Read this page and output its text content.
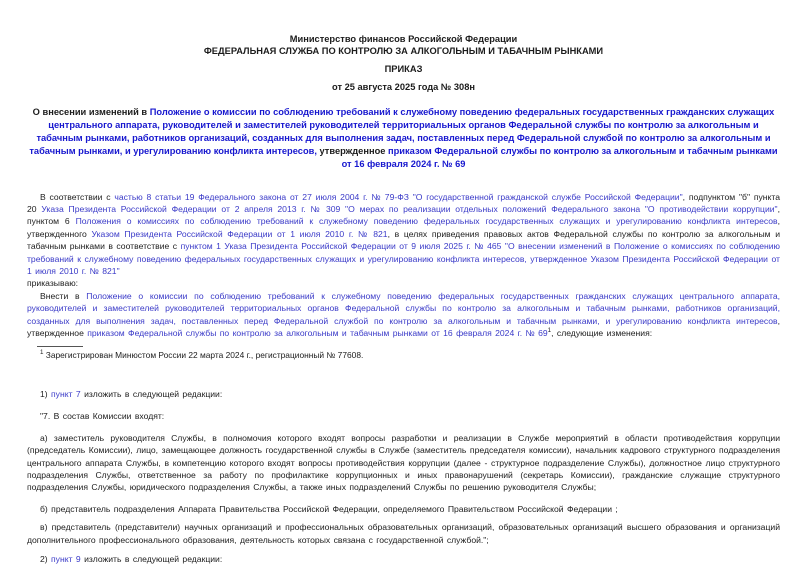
Министерство финансов Российской Федерации
ФЕДЕРАЛЬНАЯ СЛУЖБА ПО КОНТРОЛЮ ЗА АЛКОГОЛЬНЫМ И ТАБАЧНЫМ РЫНКАМИ
ПРИКАЗ
от 25 августа 2025 года № 308н

О внесении изменений в Положение о комиссии по соблюдению требований к служебному поведению федеральных государственных гражданских служащих центрального аппарата, руководителей и заместителей руководителей территориальных органов Федеральной службы по контролю за алкогольным и табачным рынками, работников организаций, созданных для выполнения задач, поставленных перед Федеральной службой по контролю за алкогольным и табачным рынками, и урегулированию конфликта интересов, утвержденное приказом Федеральной службы по контролю за алкогольным и табачным рынками от 16 февраля 2024 г. № 69

В соответствии с частью 8 статьи 19 Федерального закона от 27 июля 2004 г. № 79-ФЗ "О государственной гражданской службе Российской Федерации", подпунктом "б" пункта 20 Указа Президента Российской Федерации от 2 апреля 2013 г. № 309 "О мерах по реализации отдельных положений Федерального закона "О противодействии коррупции", пунктом 6 Положения о комиссиях по соблюдению требований к служебному поведению федеральных государственных служащих и урегулированию конфликта интересов, утвержденного Указом Президента Российской Федерации от 1 июля 2010 г. № 821, в целях приведения правовых актов Федеральной службы по контролю за алкогольным и табачным рынками в соответствие с пунктом 1 Указа Президента Российской Федерации от 9 июля 2025 г. № 465 "О внесении изменений в Положение о комиссиях по соблюдению требований к служебному поведению федеральных государственных служащих и урегулированию конфликта интересов, утвержденное Указом Президента Российской Федерации от 1 июля 2010 г. № 821"

приказываю:

Внести в Положение о комиссии по соблюдению требований к служебному поведению федеральных государственных гражданских служащих центрального аппарата, руководителей и заместителей руководителей территориальных органов Федеральной службы по контролю за алкогольным и табачным рынками, работников организаций, созданных для выполнения задач, поставленных перед Федеральной службой по контролю за алкогольным и табачным рынками, и урегулированию конфликта интересов, утвержденное приказом Федеральной службы по контролю за алкогольным и табачным рынками от 16 февраля 2024 г. № $69^1$, следующие изменения:

$^1$ Зарегистрирован Минюстом России 22 марта 2024 г., регистрационный № 77608.

1) пункт 7 изложить в следующей редакции:

"7. В состав Комиссии входят:

а) заместитель руководителя Службы, в полномочия которого входят вопросы разработки и реализации в Службе мероприятий в области противодействия коррупции (председатель Комиссии), лицо, замещающее должность государственной службы в Службе (заместитель председателя комиссии), начальник кадрового структурного подразделения центрального аппарата Службы, в компетенцию которого входят вопросы противодействия коррупции (далее - структурное подразделение Службы), должностное лицо структурного подразделения Службы, ответственное за работу по профилактике коррупционных и иных правонарушений (секретарь Комиссии), гражданские служащие структурного подразделения Службы, юридического подразделения Службы, а также иных подразделений Службы по решению руководителя Службы;

б) представитель подразделения Аппарата Правительства Российской Федерации, определяемого Правительством Российской Федерации ;

в) представитель (представители) научных организаций и профессиональных образовательных организаций, образовательных организаций высшего образования и организаций дополнительного профессионального образования, деятельность которых связана с государственной службой.";

2) пункт 9 изложить в следующей редакции:
